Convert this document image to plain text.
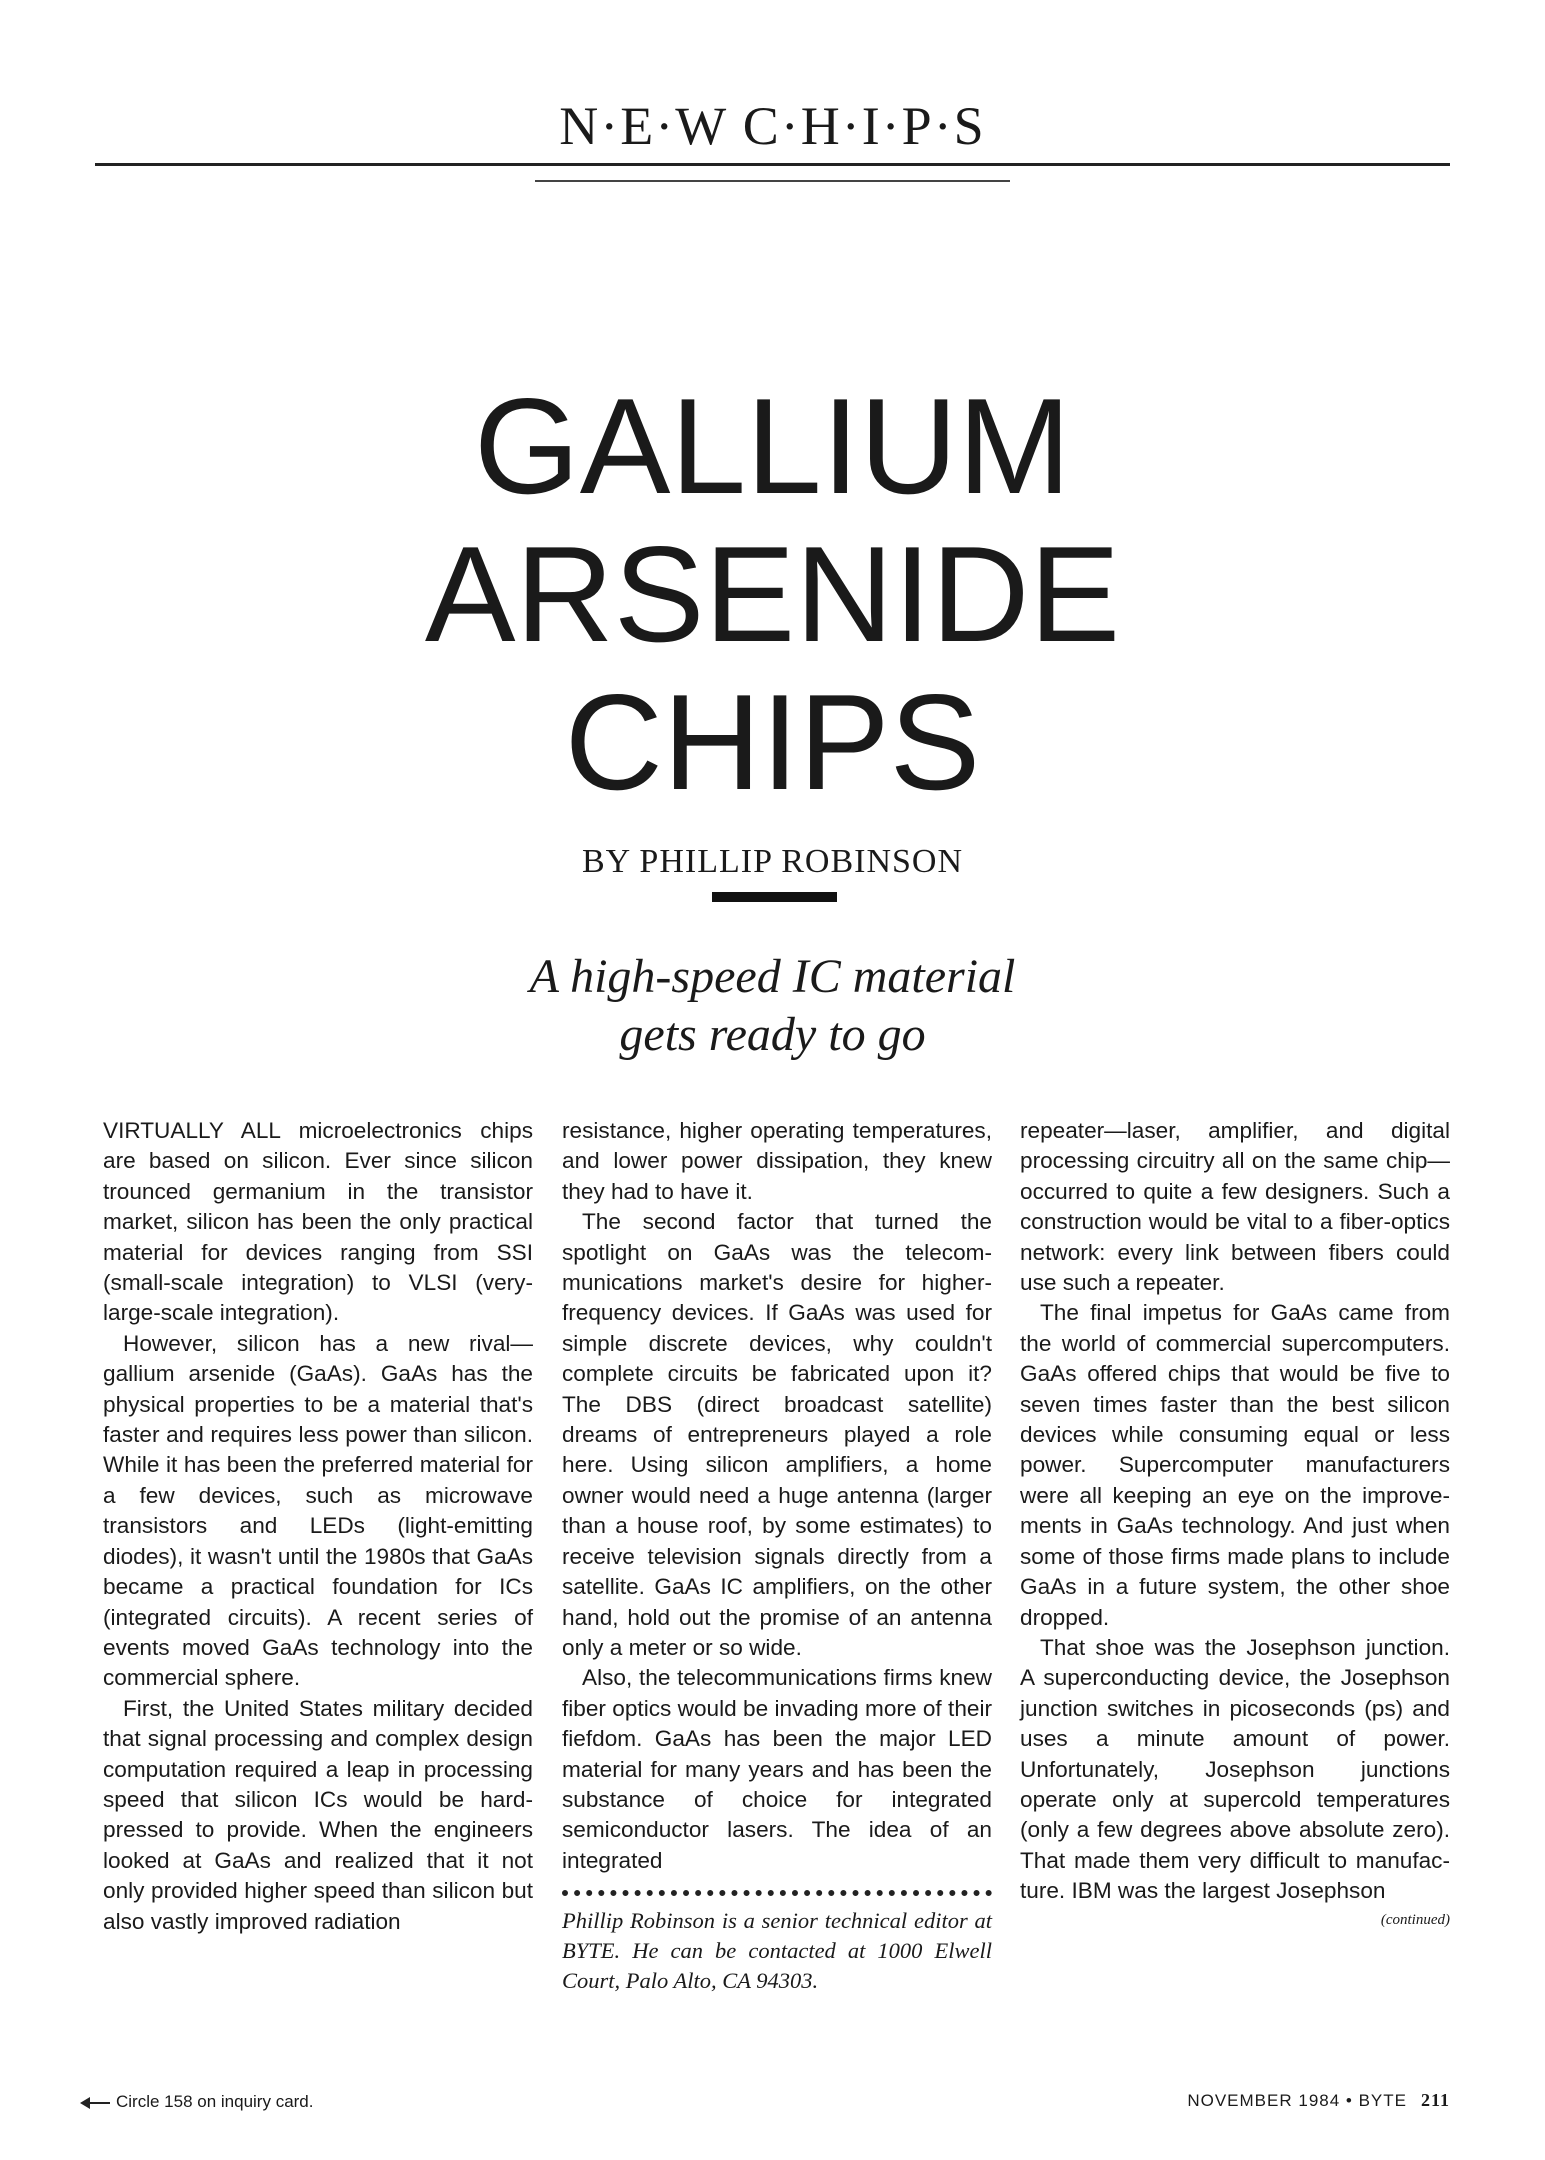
N·E·W C·H·I·P·S
GALLIUM
ARSENIDE
CHIPS
BY PHILLIP ROBINSON
A high-speed IC material
gets ready to go

VIRTUALLY ALL microelectronics chips are based on silicon. Ever since silicon trounced germanium in the transistor market, silicon has been the only practical material for devices ranging from SSI (small-scale integration) to VLSI (very-large-scale integration).

However, silicon has a new rival— gallium arsenide (GaAs). GaAs has the physical properties to be a material that's faster and requires less power than silicon. While it has been the preferred material for a few devices, such as microwave transistors and LEDs (light-emitting diodes), it wasn't until the 1980s that GaAs became a practical foundation for ICs (integrated circuits). A recent series of events moved GaAs technology into the commercial sphere.

First, the United States military decided that signal processing and complex design computation required a leap in processing speed that silicon ICs would be hard-pressed to provide. When the engineers looked at GaAs and realized that it not only provided higher speed than silicon but also vastly improved radiation

resistance, higher operating temperatures, and lower power dissipation, they knew they had to have it.

The second factor that turned the spotlight on GaAs was the telecommunications market's desire for higher-frequency devices. If GaAs was used for simple discrete devices, why couldn't complete circuits be fabricated upon it? The DBS (direct broadcast satellite) dreams of entrepreneurs played a role here. Using silicon amplifiers, a home owner would need a huge antenna (larger than a house roof, by some estimates) to receive television signals directly from a satellite. GaAs IC amplifiers, on the other hand, hold out the promise of an antenna only a meter or so wide.

Also, the telecommunications firms knew fiber optics would be invading more of their fiefdom. GaAs has been the major LED material for many years and has been the substance of choice for integrated semiconductor lasers. The idea of an integrated

Phillip Robinson is a senior technical editor at BYTE. He can be contacted at 1000 Elwell Court, Palo Alto, CA 94303.

repeater—laser, amplifier, and digital processing circuitry all on the same chip—occurred to quite a few designers. Such a construction would be vital to a fiber-optics network: every link between fibers could use such a repeater.

The final impetus for GaAs came from the world of commercial supercomputers. GaAs offered chips that would be five to seven times faster than the best silicon devices while consuming equal or less power. Supercomputer manufacturers were all keeping an eye on the improvements in GaAs technology. And just when some of those firms made plans to include GaAs in a future system, the other shoe dropped.

That shoe was the Josephson junction. A superconducting device, the Josephson junction switches in picoseconds (ps) and uses a minute amount of power. Unfortunately, Josephson junctions operate only at supercold temperatures (only a few degrees above absolute zero). That made them very difficult to manufacture. IBM was the largest Josephson

(continued)
Circle 158 on inquiry card.	NOVEMBER 1984 • BYTE 211
